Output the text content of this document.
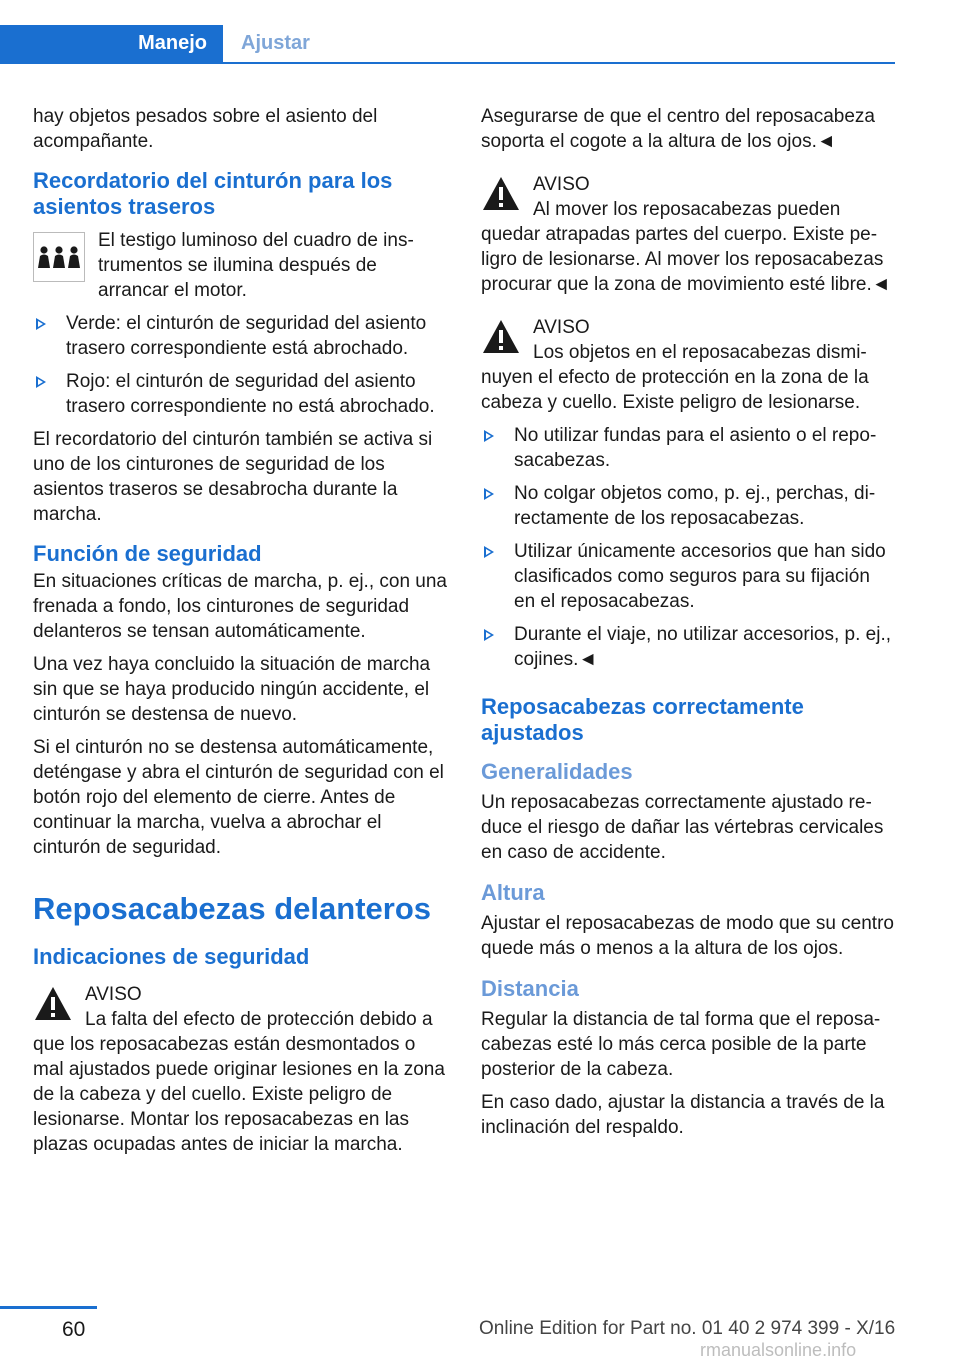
Manejo	Ajustar

hay objetos pesados sobre el asiento del acompañante.

Recordatorio del cinturón para los asientos traseros

El testigo luminoso del cuadro de instrumentos se ilumina después de arrancar el motor.

Verde: el cinturón de seguridad del asiento trasero correspondiente está abrochado.
Rojo: el cinturón de seguridad del asiento trasero correspondiente no está abrochado.

El recordatorio del cinturón también se activa si uno de los cinturones de seguridad de los asientos traseros se desabrocha durante la marcha.

Función de seguridad

En situaciones críticas de marcha, p. ej., con una frenada a fondo, los cinturones de seguridad delanteros se tensan automáticamente.

Una vez haya concluido la situación de marcha sin que se haya producido ningún accidente, el cinturón se destensa de nuevo.

Si el cinturón no se destensa automáticamente, deténgase y abra el cinturón de seguridad con el botón rojo del elemento de cierre. Antes de continuar la marcha, vuelva a abrochar el cinturón de seguridad.

Reposacabezas delanteros
Indicaciones de seguridad
AVISO
La falta del efecto de protección debido a que los reposacabezas están desmontados o mal ajustados puede originar lesiones en la zona de la cabeza y del cuello. Existe peligro de lesionarse. Montar los reposacabezas en las plazas ocupadas antes de iniciar la marcha.

Asegurarse de que el centro del reposacabeza soporta el cogote a la altura de los ojos.◄

AVISO
Al mover los reposacabezas pueden quedar atrapadas partes del cuerpo. Existe peligro de lesionarse. Al mover los reposacabezas procurar que la zona de movimiento esté libre.◄
AVISO
Los objetos en el reposacabezas disminuyen el efecto de protección en la zona de la cabeza y cuello. Existe peligro de lesionarse.
No utilizar fundas para el asiento o el reposacabezas.
No colgar objetos como, p. ej., perchas, directamente de los reposacabezas.
Utilizar únicamente accesorios que han sido clasificados como seguros para su fijación en el reposacabezas.
Durante el viaje, no utilizar accesorios, p. ej., cojines.◄
Reposacabezas correctamente ajustados
Generalidades

Un reposacabezas correctamente ajustado reduce el riesgo de dañar las vértebras cervicales en caso de accidente.

Altura

Ajustar el reposacabezas de modo que su centro quede más o menos a la altura de los ojos.

Distancia

Regular la distancia de tal forma que el reposacabezas esté lo más cerca posible de la parte posterior de la cabeza.

En caso dado, ajustar la distancia a través de la inclinación del respaldo.

60	Online Edition for Part no. 01 40 2 974 399 - X/16
rmanualsonline.info
